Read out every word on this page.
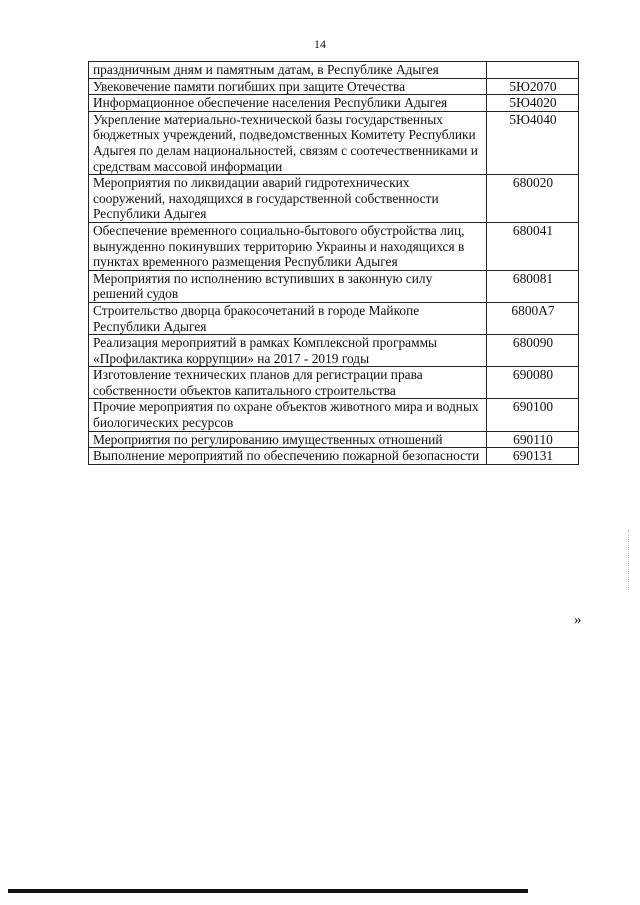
14
праздничным дням и памятным датам, в Республике Адыгея	
Увековечение памяти погибших при защите Отечества	5Ю2070
Информационное обеспечение населения Республики Адыгея	5Ю4020
Укрепление материально-технической базы государственных бюджетных учреждений, подведомственных Комитету Республики Адыгея по делам национальностей, связям с соотечественниками и средствам массовой информации	5Ю4040
Мероприятия по ликвидации аварий гидротехнических сооружений, находящихся в государственной собственности Республики Адыгея	680020
Обеспечение временного социально-бытового обустройства лиц, вынужденно покинувших территорию Украины и находящихся в пунктах временного размещения Республики Адыгея	680041
Мероприятия по исполнению вступивших в законную силу решений судов	680081
Строительство дворца бракосочетаний в городе Майкопе Республики Адыгея	6800А7
Реализация мероприятий в рамках Комплексной программы «Профилактика коррупции» на 2017 - 2019 годы	680090
Изготовление технических планов для регистрации права собственности объектов капитального строительства	690080
Прочие мероприятия по охране объектов животного мира и водных биологических ресурсов	690100
Мероприятия по регулированию имущественных отношений	690110
Выполнение мероприятий по обеспечению пожарной безопасности	690131
»
